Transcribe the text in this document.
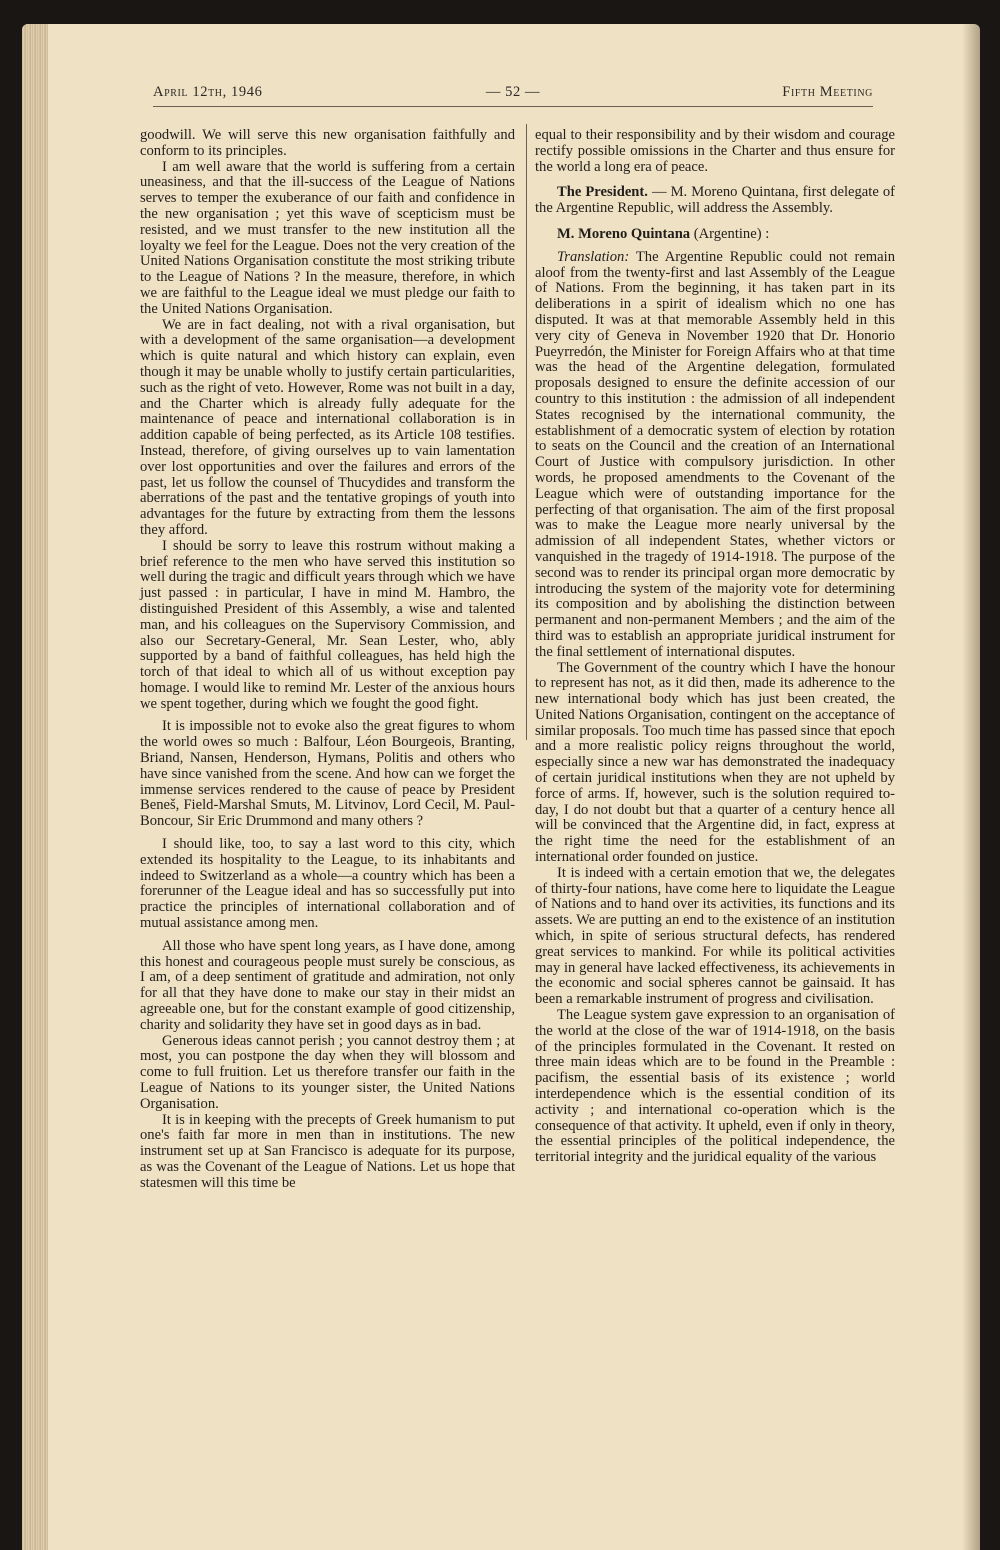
April 12th, 1946	— 52 —	Fifth Meeting

goodwill. We will serve this new organisation faithfully and conform to its principles.

I am well aware that the world is suffering from a certain uneasiness, and that the ill-success of the League of Nations serves to temper the exuberance of our faith and confidence in the new organisation ; yet this wave of scepticism must be resisted, and we must transfer to the new institution all the loyalty we feel for the League. Does not the very creation of the United Nations Organisation constitute the most striking tribute to the League of Nations ? In the measure, therefore, in which we are faithful to the League ideal we must pledge our faith to the United Nations Organisation.

We are in fact dealing, not with a rival organisation, but with a development of the same organisation—a development which is quite natural and which history can explain, even though it may be unable wholly to justify certain particularities, such as the right of veto. However, Rome was not built in a day, and the Charter which is already fully adequate for the maintenance of peace and international collaboration is in addition capable of being perfected, as its Article 108 testifies. Instead, therefore, of giving ourselves up to vain lamentation over lost opportunities and over the failures and errors of the past, let us follow the counsel of Thucydides and transform the aberrations of the past and the tentative gropings of youth into advantages for the future by extracting from them the lessons they afford.

I should be sorry to leave this rostrum without making a brief reference to the men who have served this institution so well during the tragic and difficult years through which we have just passed : in particular, I have in mind M. Hambro, the distinguished President of this Assembly, a wise and talented man, and his colleagues on the Supervisory Commission, and also our Secretary-General, Mr. Sean Lester, who, ably supported by a band of faithful colleagues, has held high the torch of that ideal to which all of us without exception pay homage. I would like to remind Mr. Lester of the anxious hours we spent together, during which we fought the good fight.

It is impossible not to evoke also the great figures to whom the world owes so much : Balfour, Léon Bourgeois, Branting, Briand, Nansen, Henderson, Hymans, Politis and others who have since vanished from the scene. And how can we forget the immense services rendered to the cause of peace by President Beneš, Field-Marshal Smuts, M. Litvinov, Lord Cecil, M. Paul-Boncour, Sir Eric Drummond and many others ?

I should like, too, to say a last word to this city, which extended its hospitality to the League, to its inhabitants and indeed to Switzerland as a whole—a country which has been a forerunner of the League ideal and has so successfully put into practice the principles of international collaboration and of mutual assistance among men.

All those who have spent long years, as I have done, among this honest and courageous people must surely be conscious, as I am, of a deep sentiment of gratitude and admiration, not only for all that they have done to make our stay in their midst an agreeable one, but for the constant example of good citizenship, charity and solidarity they have set in good days as in bad.

Generous ideas cannot perish ; you cannot destroy them ; at most, you can postpone the day when they will blossom and come to full fruition. Let us therefore transfer our faith in the League of Nations to its younger sister, the United Nations Organisation.

It is in keeping with the precepts of Greek humanism to put one's faith far more in men than in institutions. The new instrument set up at San Francisco is adequate for its purpose, as was the Covenant of the League of Nations. Let us hope that statesmen will this time be

equal to their responsibility and by their wisdom and courage rectify possible omissions in the Charter and thus ensure for the world a long era of peace.

The President. — M. Moreno Quintana, first delegate of the Argentine Republic, will address the Assembly.

M. Moreno Quintana (Argentine) :

Translation: The Argentine Republic could not remain aloof from the twenty-first and last Assembly of the League of Nations. From the beginning, it has taken part in its deliberations in a spirit of idealism which no one has disputed. It was at that memorable Assembly held in this very city of Geneva in November 1920 that Dr. Honorio Pueyrredón, the Minister for Foreign Affairs who at that time was the head of the Argentine delegation, formulated proposals designed to ensure the definite accession of our country to this institution : the admission of all independent States recognised by the international community, the establishment of a democratic system of election by rotation to seats on the Council and the creation of an International Court of Justice with compulsory jurisdiction. In other words, he proposed amendments to the Covenant of the League which were of outstanding importance for the perfecting of that organisation. The aim of the first proposal was to make the League more nearly universal by the admission of all independent States, whether victors or vanquished in the tragedy of 1914-1918. The purpose of the second was to render its principal organ more democratic by introducing the system of the majority vote for determining its composition and by abolishing the distinction between permanent and non-permanent Members ; and the aim of the third was to establish an appropriate juridical instrument for the final settlement of international disputes.

The Government of the country which I have the honour to represent has not, as it did then, made its adherence to the new international body which has just been created, the United Nations Organisation, contingent on the acceptance of similar proposals. Too much time has passed since that epoch and a more realistic policy reigns throughout the world, especially since a new war has demonstrated the inadequacy of certain juridical institutions when they are not upheld by force of arms. If, however, such is the solution required to-day, I do not doubt but that a quarter of a century hence all will be convinced that the Argentine did, in fact, express at the right time the need for the establishment of an international order founded on justice.

It is indeed with a certain emotion that we, the delegates of thirty-four nations, have come here to liquidate the League of Nations and to hand over its activities, its functions and its assets. We are putting an end to the existence of an institution which, in spite of serious structural defects, has rendered great services to mankind. For while its political activities may in general have lacked effectiveness, its achievements in the economic and social spheres cannot be gainsaid. It has been a remarkable instrument of progress and civilisation.

The League system gave expression to an organisation of the world at the close of the war of 1914-1918, on the basis of the principles formulated in the Covenant. It rested on three main ideas which are to be found in the Preamble : pacifism, the essential basis of its existence ; world interdependence which is the essential condition of its activity ; and international co-operation which is the consequence of that activity. It upheld, even if only in theory, the essential principles of the political independence, the territorial integrity and the juridical equality of the various
